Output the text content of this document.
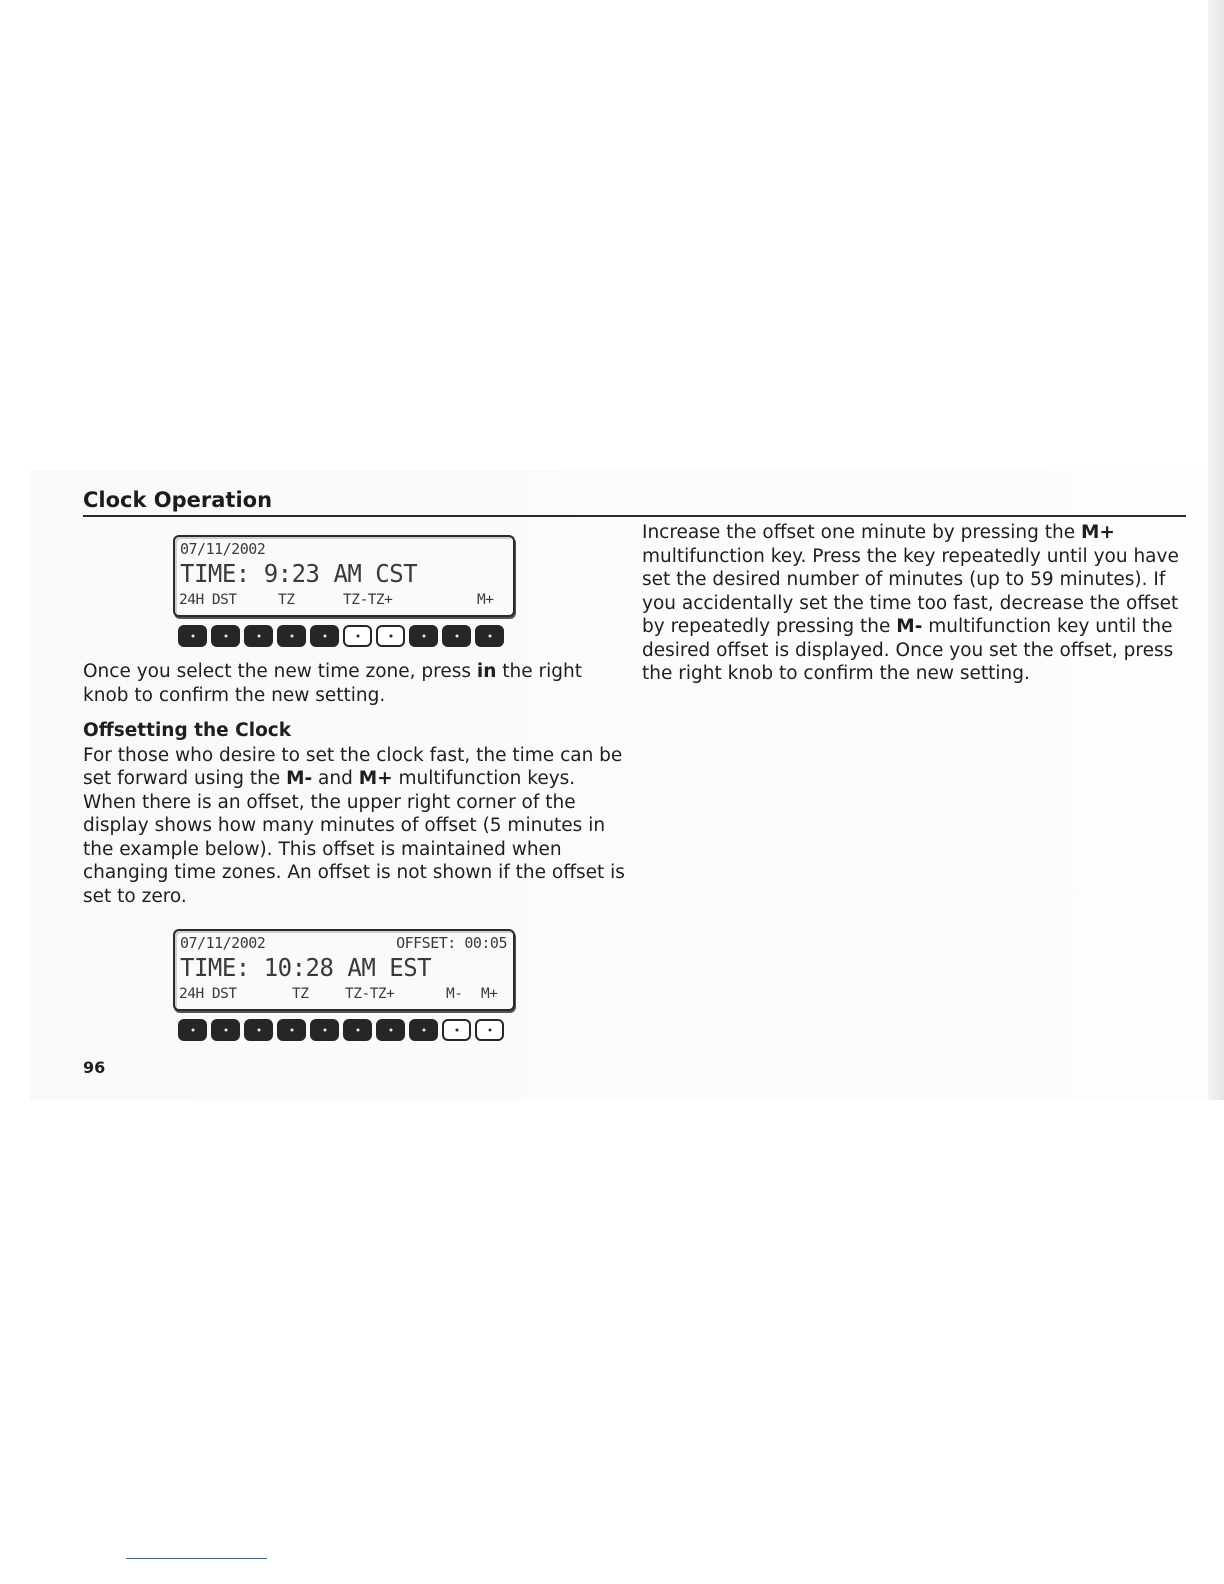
Clock Operation
07/11/2002
TIME: 9:23 AM CST
24H DST	TZ	TZ-TZ+	M+

Once you select the new time zone, press in the right knob to confirm the new setting.

Offsetting the Clock
For those who desire to set the clock fast, the time can be set forward using the M- and M+ multifunction keys. When there is an offset, the upper right corner of the display shows how many minutes of offset (5 minutes in the example below). This offset is maintained when changing time zones. An offset is not shown if the offset is set to zero.
07/11/2002	OFFSET: 00:05
TIME: 10:28 AM EST
24H DST	TZ	TZ-TZ+	M- M+
Increase the offset one minute by pressing the M+ multifunction key. Press the key repeatedly until you have set the desired number of minutes (up to 59 minutes). If you accidentally set the time too fast, decrease the offset by repeatedly pressing the M- multifunction key until the desired offset is displayed. Once you set the offset, press the right knob to confirm the new setting.
96
